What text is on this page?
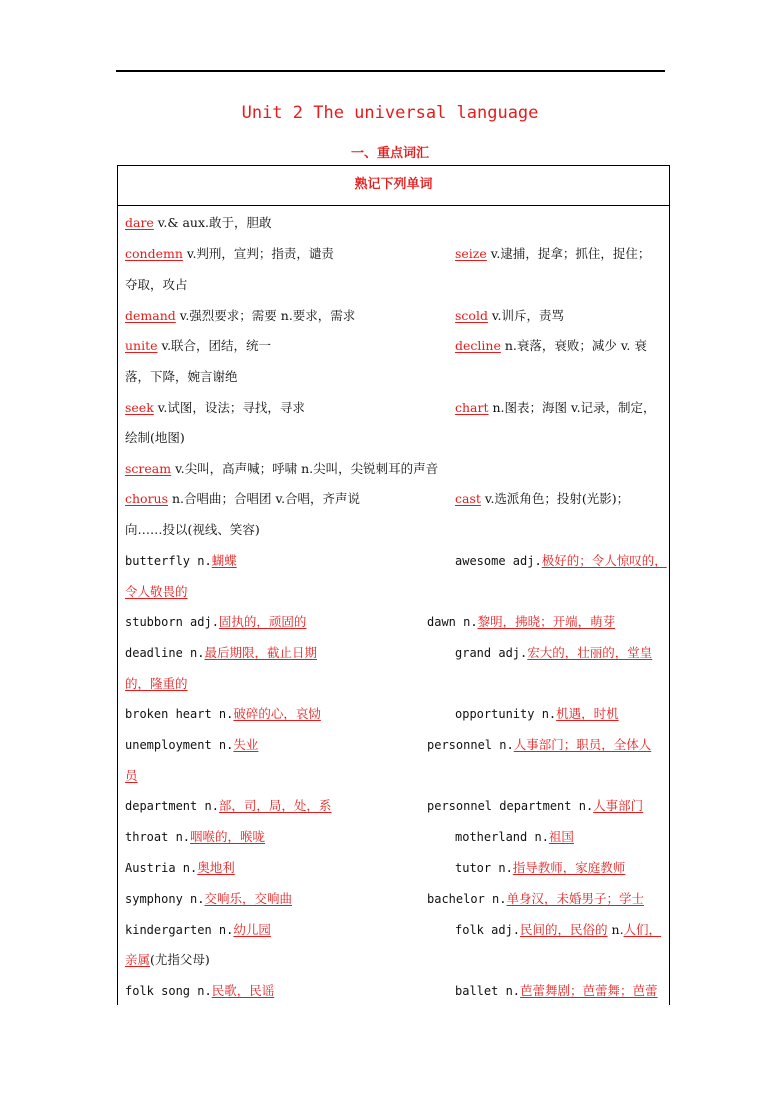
Unit 2 The universal language
一、重点词汇
熟记下列单词
dare v.& aux.敢于，胆敢
condemn v.判刑，宣判；指责，谴责	seize v.逮捕，捉拿；抓住，捉住；
夺取，攻占
demand v.强烈要求；需要 n.要求，需求	scold v.训斥，责骂
unite v.联合，团结，统一	decline n.衰落，衰败；减少 v. 衰
落，下降，婉言谢绝
seek v.试图，设法；寻找，寻求	chart n.图表；海图 v.记录，制定，
绘制(地图)
scream v.尖叫，高声喊；呼啸 n.尖叫，尖锐刺耳的声音
chorus n.合唱曲；合唱团 v.合唱，齐声说	cast v.选派角色；投射(光影)；
向……投以(视线、笑容)
butterfly n.蝴蝶	awesome adj.极好的；令人惊叹的，
令人敬畏的
stubborn adj.固执的，顽固的	dawn n.黎明，拂晓；开端，萌芽
deadline n.最后期限，截止日期	grand adj.宏大的，壮丽的，堂皇
的，隆重的
broken heart n.破碎的心，哀恸	opportunity n.机遇，时机
unemployment n.失业	personnel n.人事部门；职员，全体人
员
department n.部，司，局，处，系	personnel department n.人事部门
throat n.咽喉的，喉咙	motherland n.祖国
Austria n.奥地利	tutor n.指导教师，家庭教师
symphony n.交响乐，交响曲	bachelor n.单身汉，未婚男子；学士
kindergarten n.幼儿园	folk adj.民间的，民俗的 n.人们，
亲属(尤指父母)
folk song n.民歌，民谣	ballet n.芭蕾舞剧；芭蕾舞；芭蕾
